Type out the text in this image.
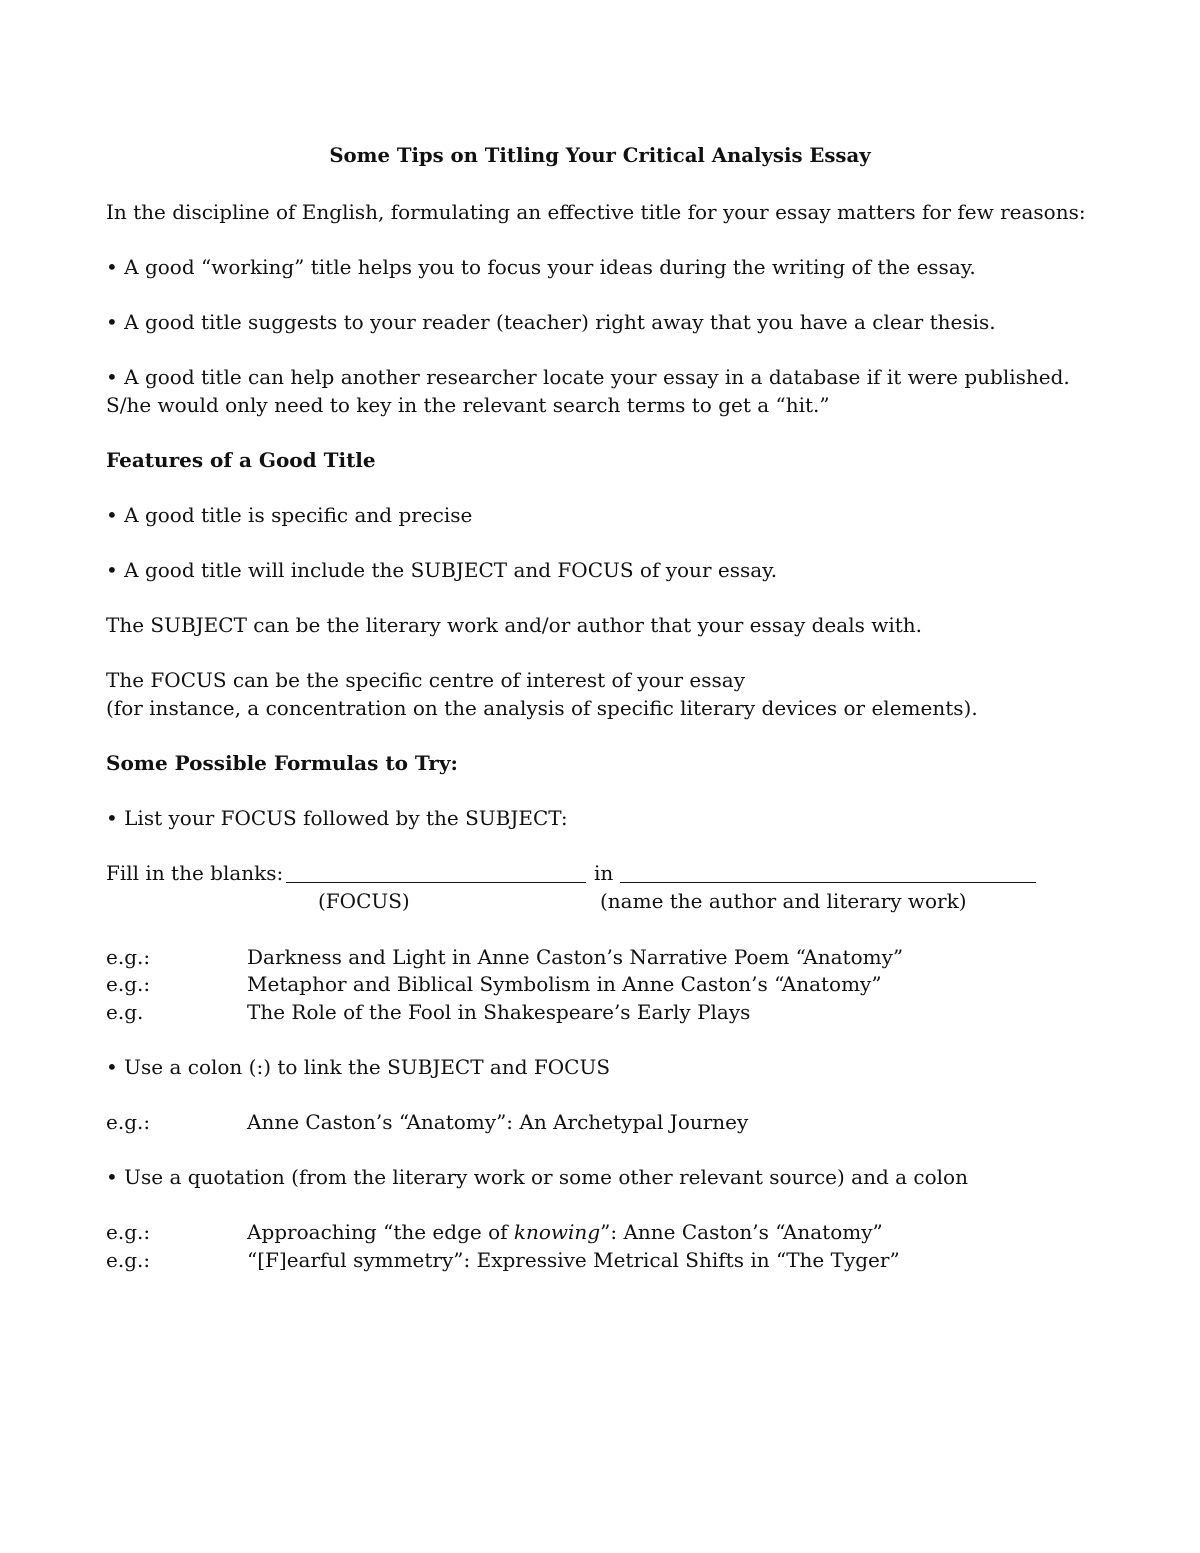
Some Tips on Titling Your Critical Analysis Essay
In the discipline of English, formulating an effective title for your essay matters for few reasons:
• A good “working” title helps you to focus your ideas during the writing of the essay.
• A good title suggests to your reader (teacher) right away that you have a clear thesis.
• A good title can help another researcher locate your essay in a database if it were published.
S/he would only need to key in the relevant search terms to get a “hit.”
Features of a Good Title
• A good title is specific and precise
• A good title will include the SUBJECT and FOCUS of your essay.
The SUBJECT can be the literary work and/or author that your essay deals with.
The FOCUS can be the specific centre of interest of your essay
(for instance, a concentration on the analysis of specific literary devices or elements).
Some Possible Formulas to Try:
• List your FOCUS followed by the SUBJECT:
Fill in the blanks:	in
(FOCUS)	(name the author and literary work)
e.g.:	Darkness and Light in Anne Caston’s Narrative Poem “Anatomy”
e.g.:	Metaphor and Biblical Symbolism in Anne Caston’s “Anatomy”
e.g.	The Role of the Fool in Shakespeare’s Early Plays
• Use a colon (:) to link the SUBJECT and FOCUS
e.g.:	Anne Caston’s “Anatomy”: An Archetypal Journey
• Use a quotation (from the literary work or some other relevant source) and a colon
e.g.:	Approaching “the edge of knowing”: Anne Caston’s “Anatomy”
e.g.:	“[F]earful symmetry”: Expressive Metrical Shifts in “The Tyger”
